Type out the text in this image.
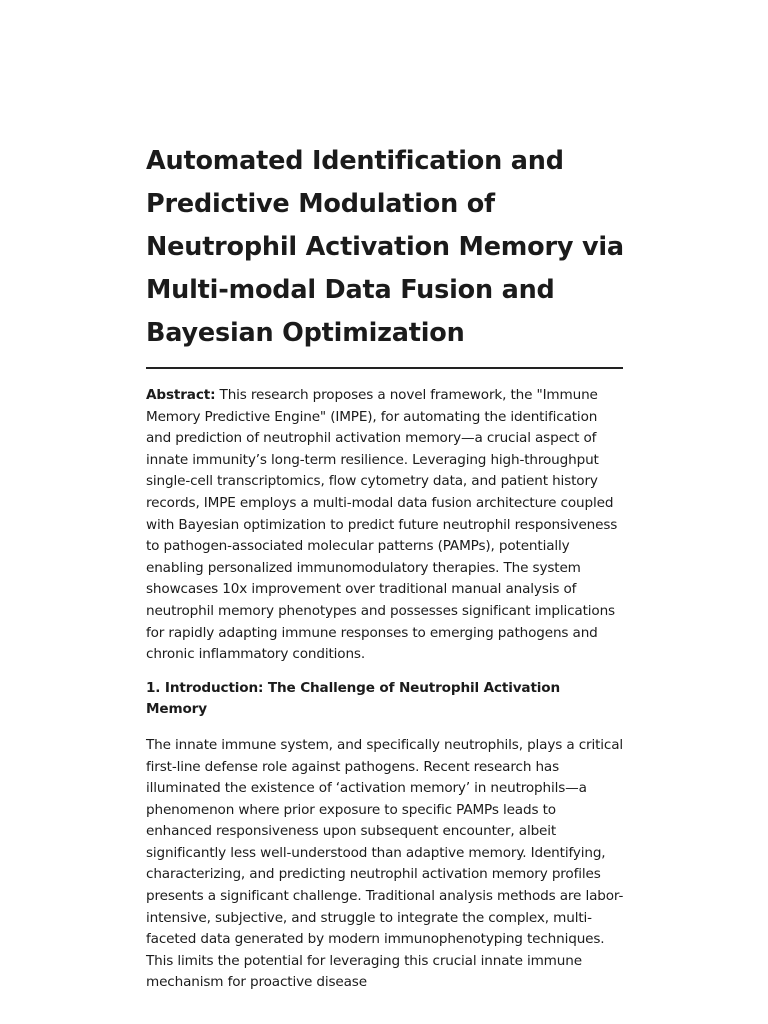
Automated Identification and Predictive Modulation of Neutrophil Activation Memory via Multi-modal Data Fusion and Bayesian Optimization

Abstract: This research proposes a novel framework, the "Immune Memory Predictive Engine" (IMPE), for automating the identification and prediction of neutrophil activation memory—a crucial aspect of innate immunity’s long-term resilience. Leveraging high-throughput single-cell transcriptomics, flow cytometry data, and patient history records, IMPE employs a multi-modal data fusion architecture coupled with Bayesian optimization to predict future neutrophil responsiveness to pathogen-associated molecular patterns (PAMPs), potentially enabling personalized immunomodulatory therapies. The system showcases 10x improvement over traditional manual analysis of neutrophil memory phenotypes and possesses significant implications for rapidly adapting immune responses to emerging pathogens and chronic inflammatory conditions.

1. Introduction: The Challenge of Neutrophil Activation Memory

The innate immune system, and specifically neutrophils, plays a critical first-line defense role against pathogens. Recent research has illuminated the existence of ‘activation memory’ in neutrophils—a phenomenon where prior exposure to specific PAMPs leads to enhanced responsiveness upon subsequent encounter, albeit significantly less well-understood than adaptive memory. Identifying, characterizing, and predicting neutrophil activation memory profiles presents a significant challenge. Traditional analysis methods are labor-intensive, subjective, and struggle to integrate the complex, multi-faceted data generated by modern immunophenotyping techniques. This limits the potential for leveraging this crucial innate immune mechanism for proactive disease
